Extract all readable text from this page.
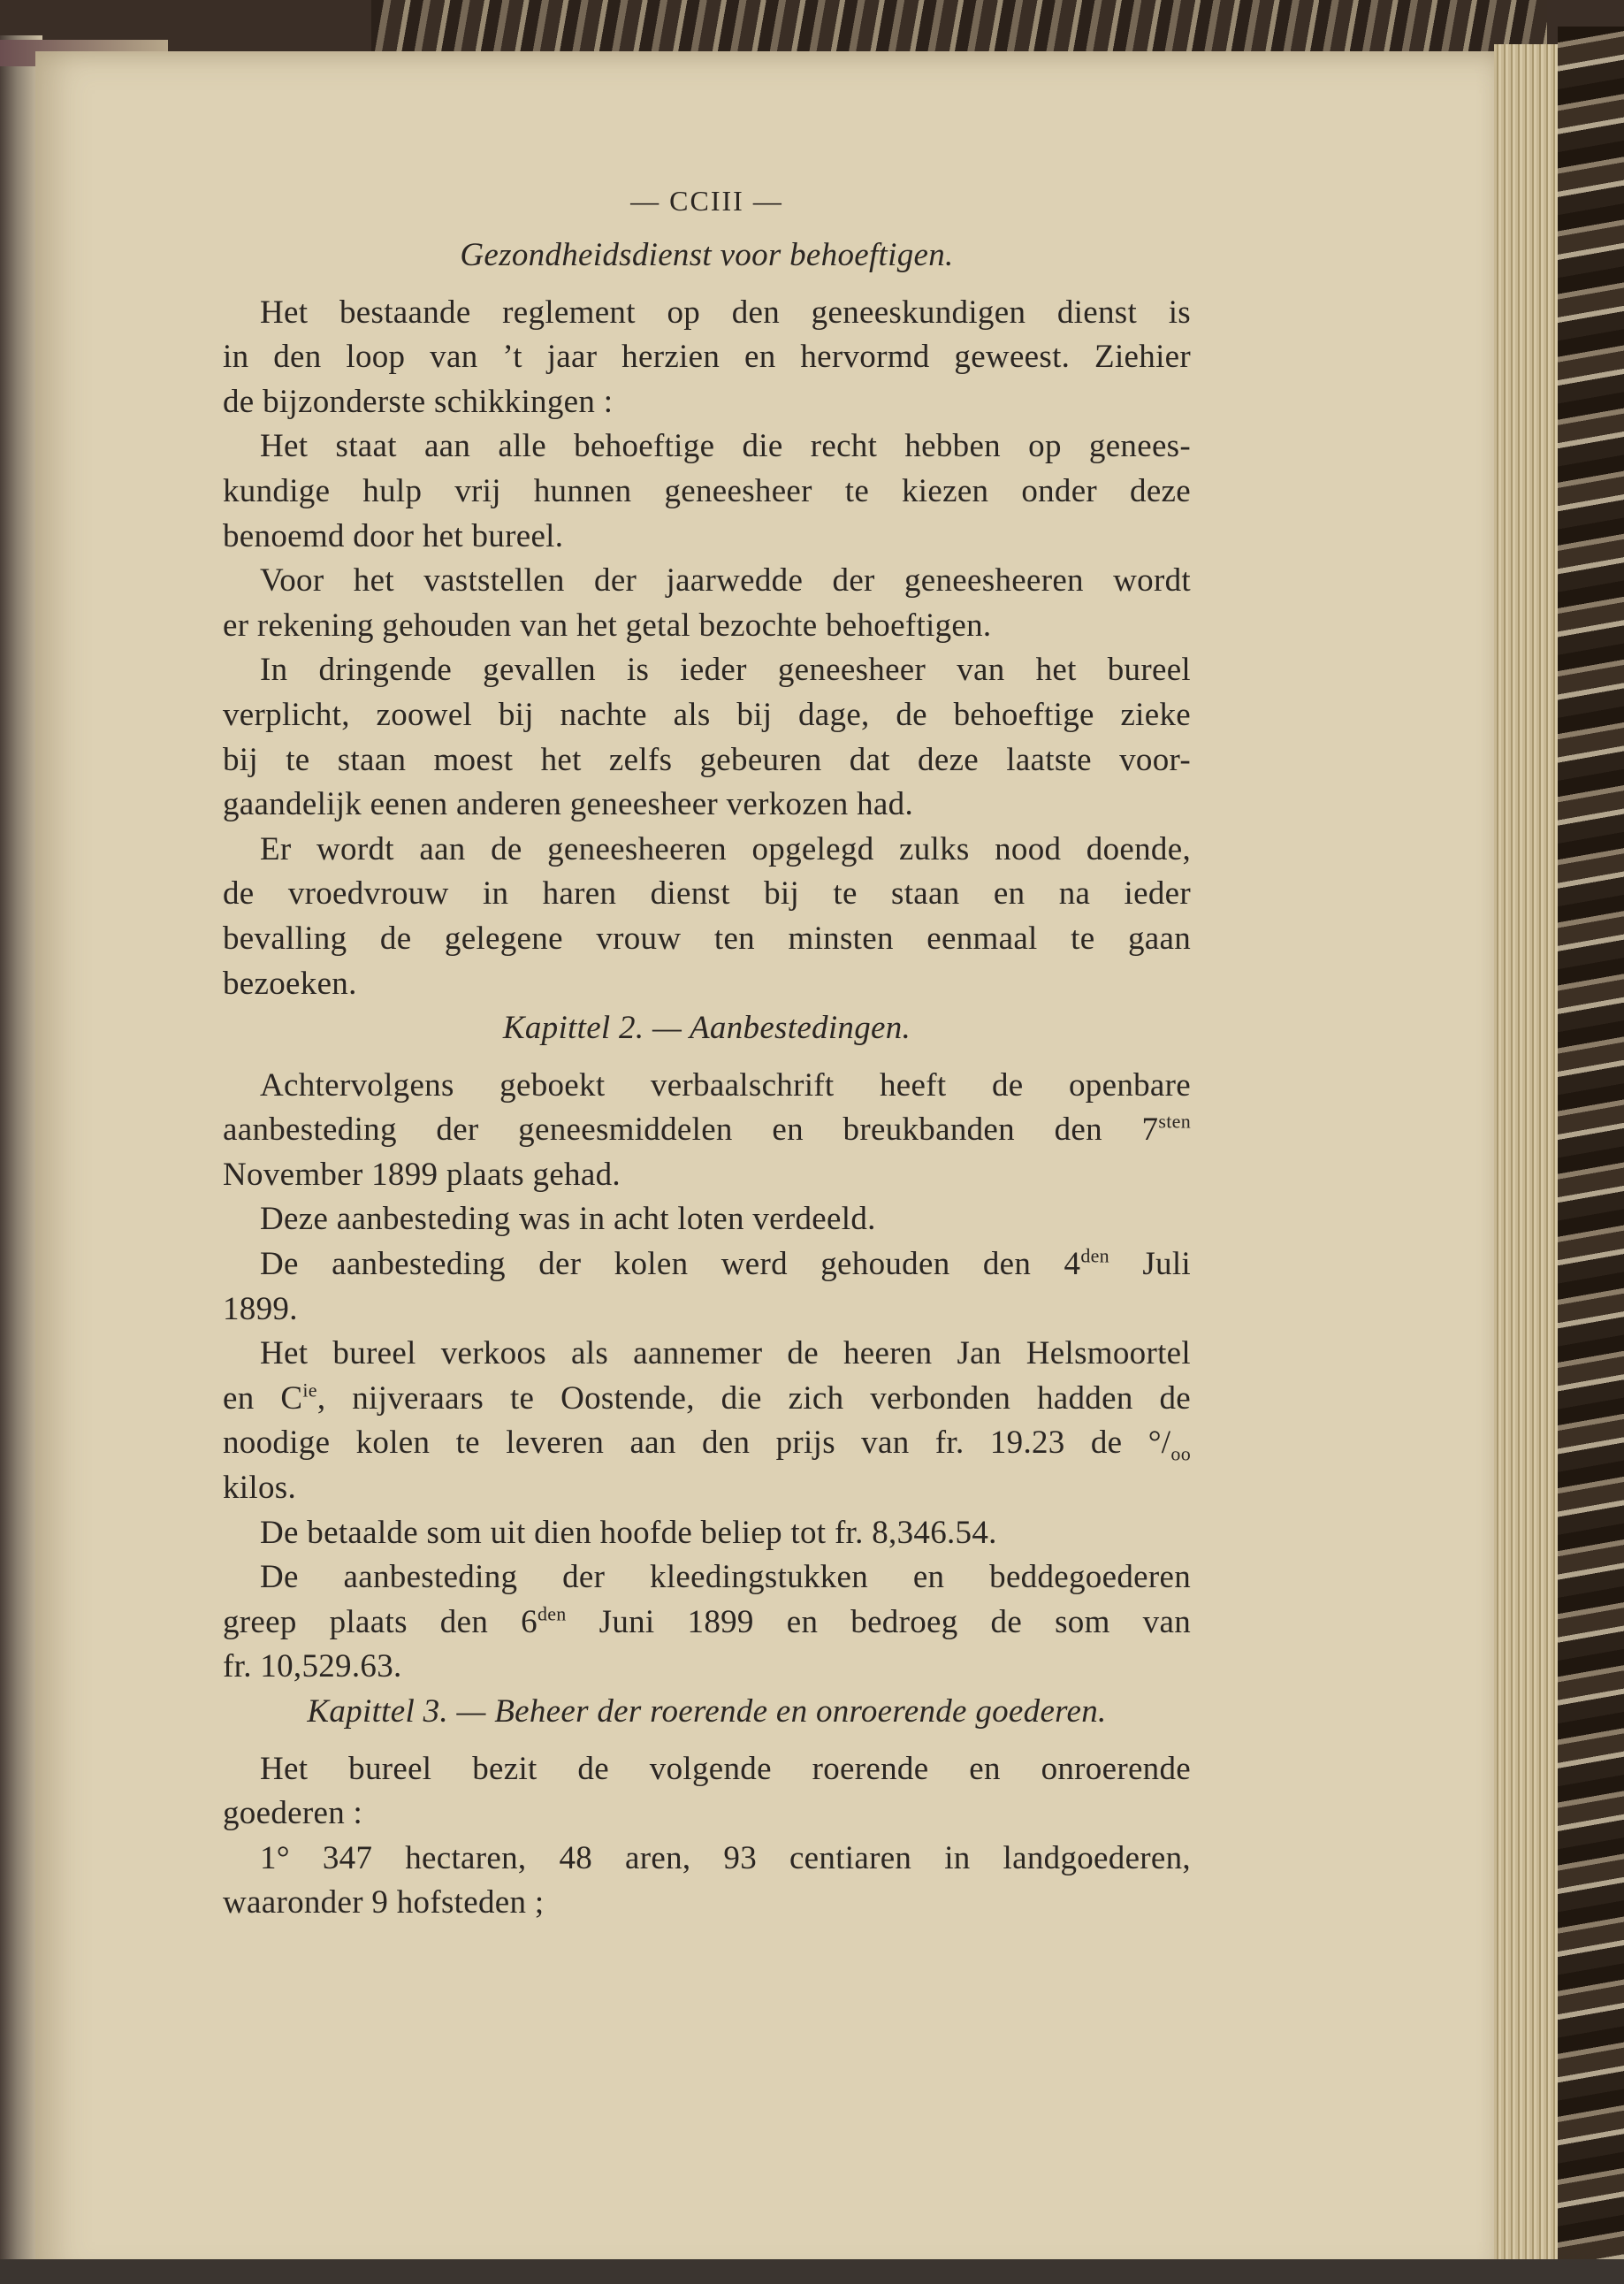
— CCIII —
Gezondheidsdienst voor behoeftigen.
Het bestaande reglement op den geneeskundigen dienst is
in den loop van ’t jaar herzien en hervormd geweest. Ziehier
de bijzonderste schikkingen :
Het staat aan alle behoeftige die recht hebben op genees-
kundige hulp vrij hunnen geneesheer te kiezen onder deze
benoemd door het bureel.
Voor het vaststellen der jaarwedde der geneesheeren wordt
er rekening gehouden van het getal bezochte behoeftigen.
In dringende gevallen is ieder geneesheer van het bureel
verplicht, zoowel bij nachte als bij dage, de behoeftige zieke
bij te staan moest het zelfs gebeuren dat deze laatste voor-
gaandelijk eenen anderen geneesheer verkozen had.
Er wordt aan de geneesheeren opgelegd zulks nood doende,
de vroedvrouw in haren dienst bij te staan en na ieder
bevalling de gelegene vrouw ten minsten eenmaal te gaan
bezoeken.
Kapittel 2. — Aanbestedingen.
Achtervolgens geboekt verbaalschrift heeft de openbare
aanbesteding der geneesmiddelen en breukbanden den $7^{sten}$
November 1899 plaats gehad.
Deze aanbesteding was in acht loten verdeeld.
De aanbesteding der kolen werd gehouden den $4^{den}$ Juli
1899.
Het bureel verkoos als aannemer de heeren Jan Helsmoortel
en $C^{ie}$, nijveraars te Oostende, die zich verbonden hadden de
noodige kolen te leveren aan den prijs van fr. 19.23 de $^\circ/_{oo}$
kilos.
De betaalde som uit dien hoofde beliep tot fr. 8,346.54.
De aanbesteding der kleedingstukken en beddegoederen
greep plaats den $6^{den}$ Juni 1899 en bedroeg de som van
fr. 10,529.63.
Kapittel 3. — Beheer der roerende en onroerende goederen.
Het bureel bezit de volgende roerende en onroerende
goederen :
1° 347 hectaren, 48 aren, 93 centiaren in landgoederen,
waaronder 9 hofsteden ;
